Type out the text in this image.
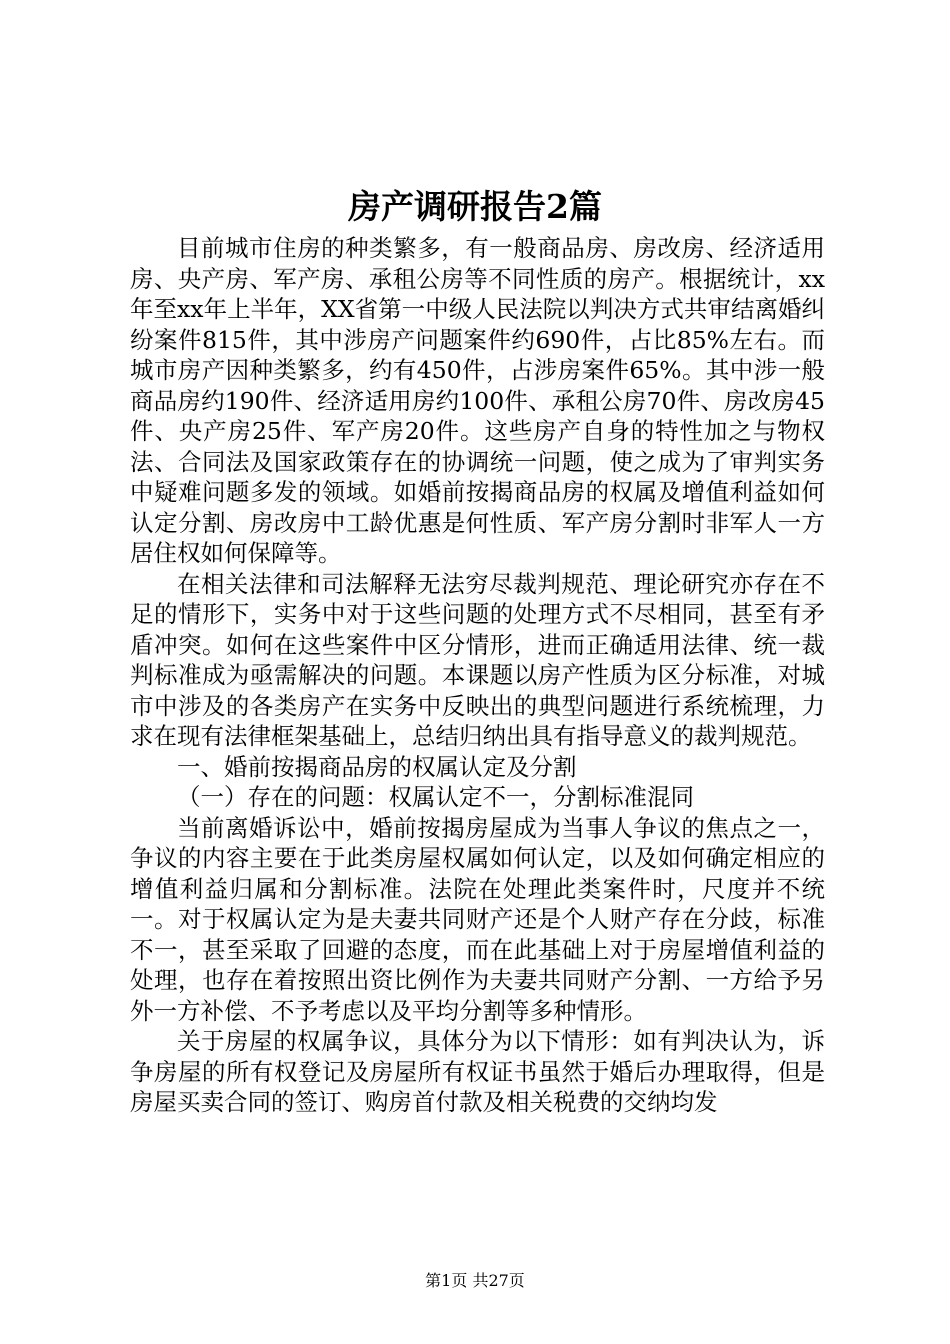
房产调研报告2篇

目前城市住房的种类繁多，有一般商品房、房改房、经济适用房、央产房、军产房、承租公房等不同性质的房产。根据统计，xx年至xx年上半年，XX省第一中级人民法院以判决方式共审结离婚纠纷案件815件，其中涉房产问题案件约690件，占比85%左右。而城市房产因种类繁多，约有450件，占涉房案件65%。其中涉一般商品房约190件、经济适用房约100件、承租公房70件、房改房45件、央产房25件、军产房20件。这些房产自身的特性加之与物权法、合同法及国家政策存在的协调统一问题，使之成为了审判实务中疑难问题多发的领域。如婚前按揭商品房的权属及增值利益如何认定分割、房改房中工龄优惠是何性质、军产房分割时非军人一方居住权如何保障等。

在相关法律和司法解释无法穷尽裁判规范、理论研究亦存在不足的情形下，实务中对于这些问题的处理方式不尽相同，甚至有矛盾冲突。如何在这些案件中区分情形，进而正确适用法律、统一裁判标准成为亟需解决的问题。本课题以房产性质为区分标准，对城市中涉及的各类房产在实务中反映出的典型问题进行系统梳理，力求在现有法律框架基础上，总结归纳出具有指导意义的裁判规范。

一、婚前按揭商品房的权属认定及分割

（一）存在的问题：权属认定不一，分割标准混同

当前离婚诉讼中，婚前按揭房屋成为当事人争议的焦点之一，争议的内容主要在于此类房屋权属如何认定，以及如何确定相应的增值利益归属和分割标准。法院在处理此类案件时，尺度并不统一。对于权属认定为是夫妻共同财产还是个人财产存在分歧，标准不一，甚至采取了回避的态度，而在此基础上对于房屋增值利益的处理，也存在着按照出资比例作为夫妻共同财产分割、一方给予另外一方补偿、不予考虑以及平均分割等多种情形。

关于房屋的权属争议，具体分为以下情形：如有判决认为，诉争房屋的所有权登记及房屋所有权证书虽然于婚后办理取得，但是房屋买卖合同的签订、购房首付款及相关税费的交纳均发

第1页 共27页
